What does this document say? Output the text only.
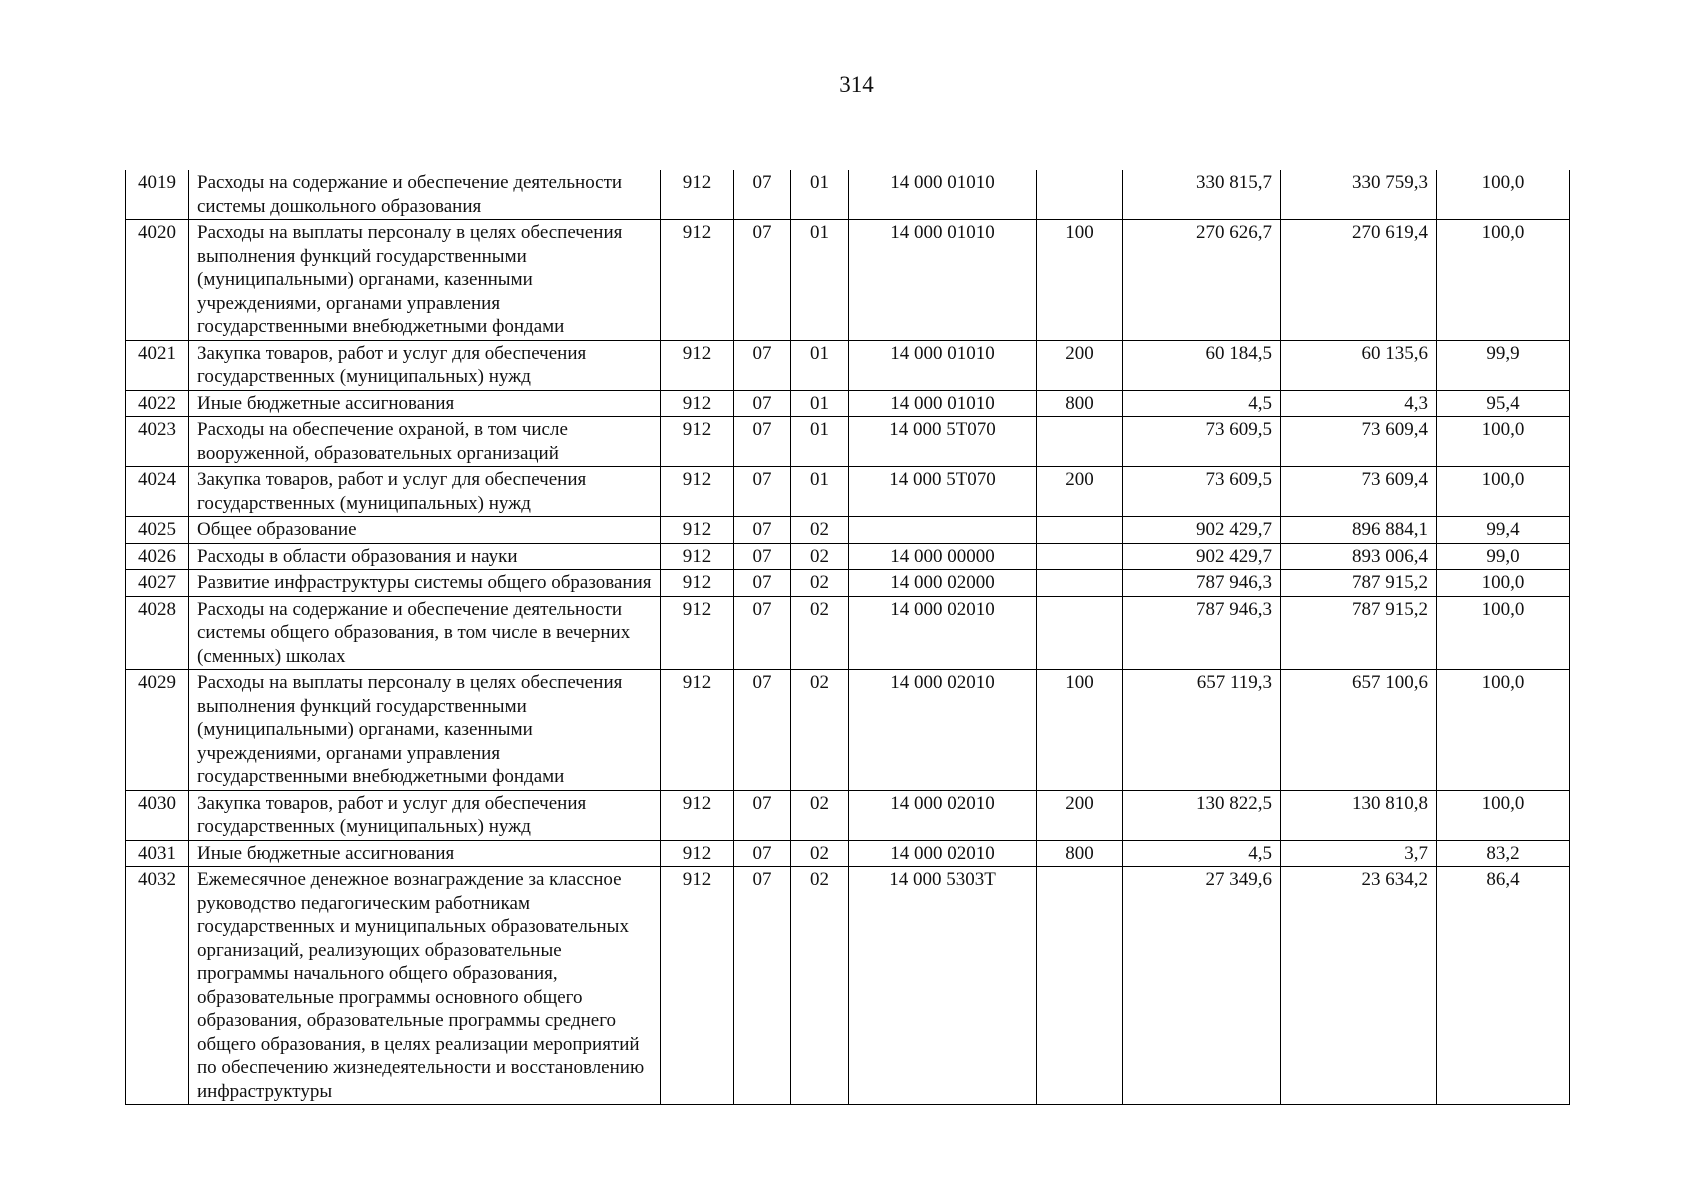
314
4019	Расходы на содержание и обеспечение деятельности системы дошкольного образования	912	07	01	14 000 01010		330 815,7	330 759,3	100,0
4020	Расходы на выплаты персоналу в целях обеспечения выполнения функций государственными (муниципальными) органами, казенными учреждениями, органами управления государственными внебюджетными фондами	912	07	01	14 000 01010	100	270 626,7	270 619,4	100,0
4021	Закупка товаров, работ и услуг для обеспечения государственных (муниципальных) нужд	912	07	01	14 000 01010	200	60 184,5	60 135,6	99,9
4022	Иные бюджетные ассигнования	912	07	01	14 000 01010	800	4,5	4,3	95,4
4023	Расходы на обеспечение охраной, в том числе вооруженной, образовательных организаций	912	07	01	14 000 5Т070		73 609,5	73 609,4	100,0
4024	Закупка товаров, работ и услуг для обеспечения государственных (муниципальных) нужд	912	07	01	14 000 5Т070	200	73 609,5	73 609,4	100,0
4025	Общее образование	912	07	02			902 429,7	896 884,1	99,4
4026	Расходы в области образования и науки	912	07	02	14 000 00000		902 429,7	893 006,4	99,0
4027	Развитие инфраструктуры системы общего образования	912	07	02	14 000 02000		787 946,3	787 915,2	100,0
4028	Расходы на содержание и обеспечение деятельности системы общего образования, в том числе в вечерних (сменных) школах	912	07	02	14 000 02010		787 946,3	787 915,2	100,0
4029	Расходы на выплаты персоналу в целях обеспечения выполнения функций государственными (муниципальными) органами, казенными учреждениями, органами управления государственными внебюджетными фондами	912	07	02	14 000 02010	100	657 119,3	657 100,6	100,0
4030	Закупка товаров, работ и услуг для обеспечения государственных (муниципальных) нужд	912	07	02	14 000 02010	200	130 822,5	130 810,8	100,0
4031	Иные бюджетные ассигнования	912	07	02	14 000 02010	800	4,5	3,7	83,2
4032	Ежемесячное денежное вознаграждение за классное руководство педагогическим работникам государственных и муниципальных образовательных организаций, реализующих образовательные программы начального общего образования, образовательные программы основного общего образования, образовательные программы среднего общего образования, в целях реализации мероприятий по обеспечению жизнедеятельности и восстановлению инфраструктуры	912	07	02	14 000 5303Т		27 349,6	23 634,2	86,4
